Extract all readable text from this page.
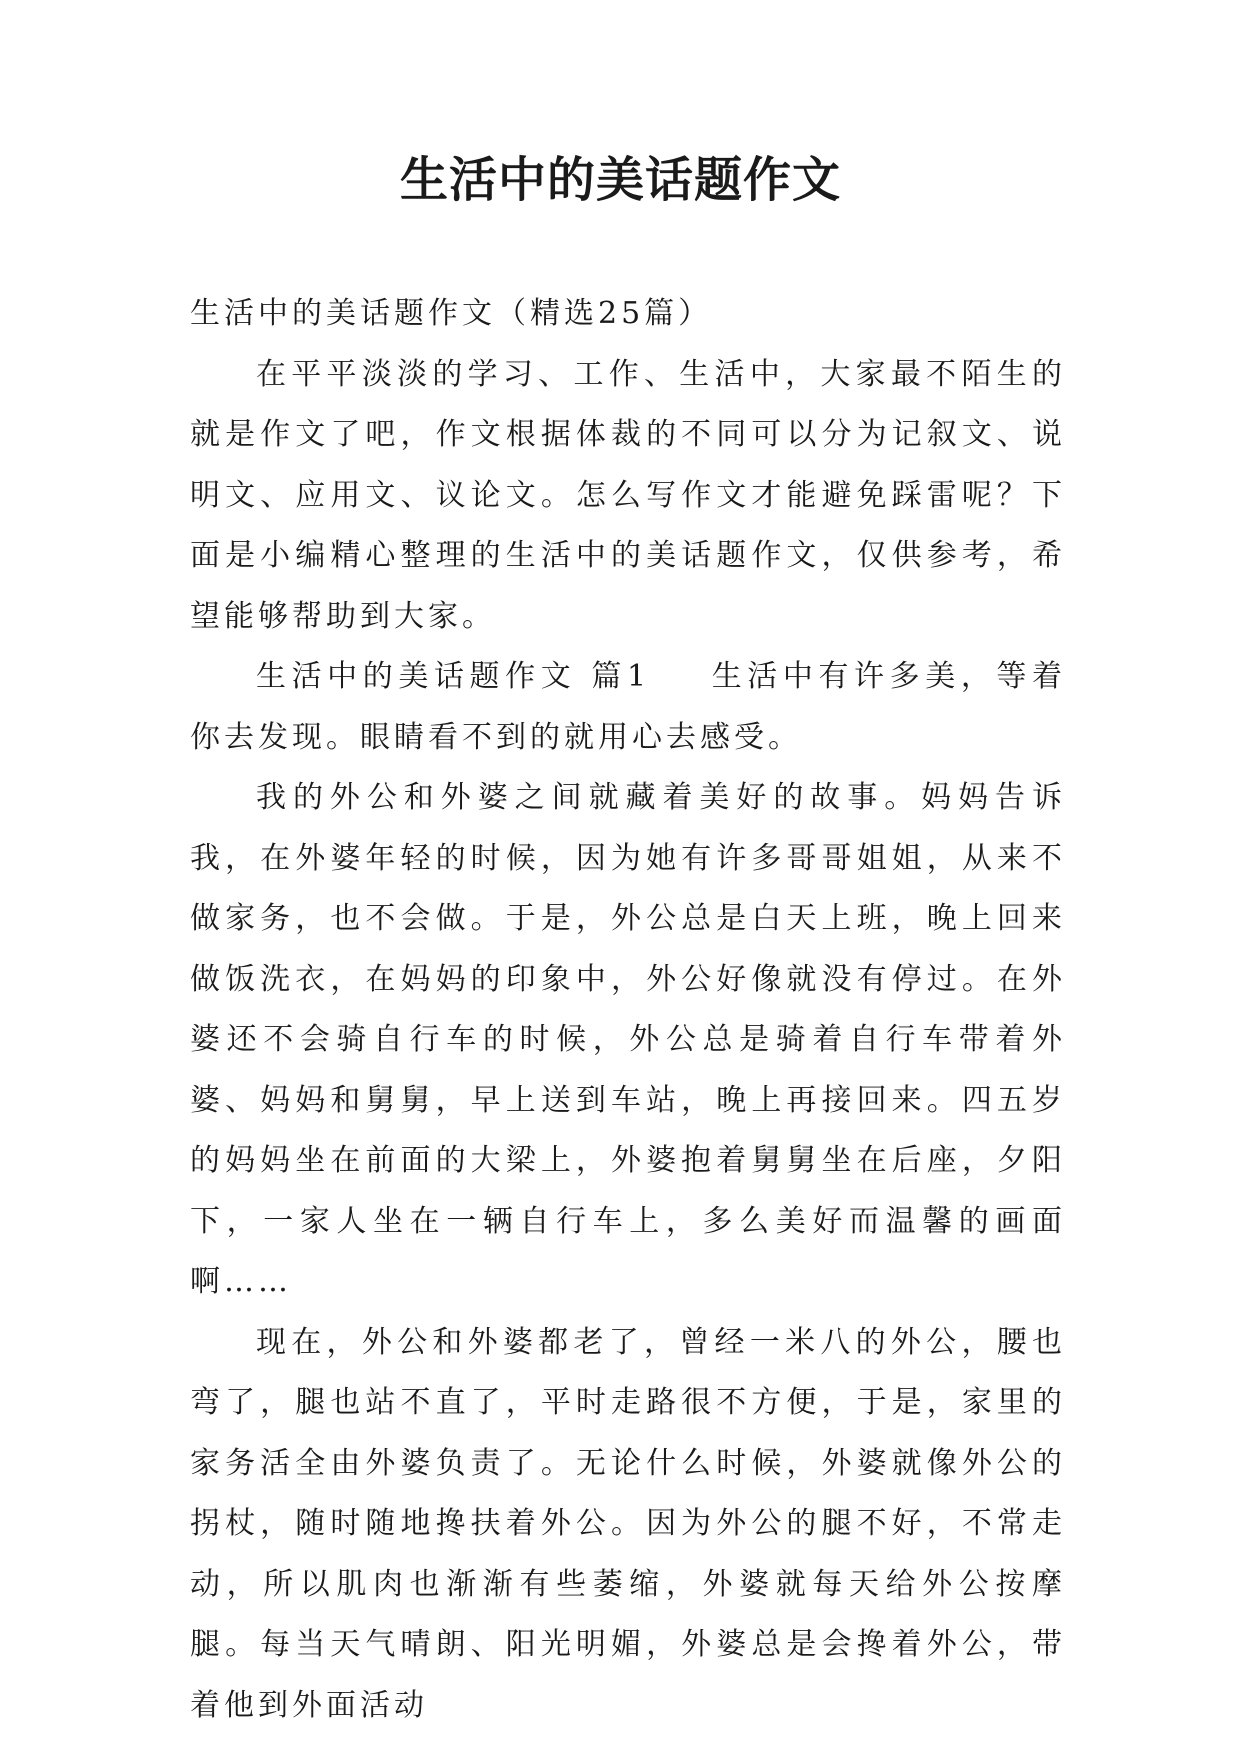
生活中的美话题作文

生活中的美话题作文（精选25篇）

在平平淡淡的学习、工作、生活中，大家最不陌生的就是作文了吧，作文根据体裁的不同可以分为记叙文、说明文、应用文、议论文。怎么写作文才能避免踩雷呢？下面是小编精心整理的生活中的美话题作文，仅供参考，希望能够帮助到大家。

生活中的美话题作文 篇1 生活中有许多美，等着你去发现。眼睛看不到的就用心去感受。

我的外公和外婆之间就藏着美好的故事。妈妈告诉我，在外婆年轻的时候，因为她有许多哥哥姐姐，从来不做家务，也不会做。于是，外公总是白天上班，晚上回来做饭洗衣，在妈妈的印象中，外公好像就没有停过。在外婆还不会骑自行车的时候，外公总是骑着自行车带着外婆、妈妈和舅舅，早上送到车站，晚上再接回来。四五岁的妈妈坐在前面的大梁上，外婆抱着舅舅坐在后座，夕阳下，一家人坐在一辆自行车上，多么美好而温馨的画面啊……

现在，外公和外婆都老了，曾经一米八的外公，腰也弯了，腿也站不直了，平时走路很不方便，于是，家里的家务活全由外婆负责了。无论什么时候，外婆就像外公的拐杖，随时随地搀扶着外公。因为外公的腿不好，不常走动，所以肌肉也渐渐有些萎缩，外婆就每天给外公按摩腿。每当天气晴朗、阳光明媚，外婆总是会搀着外公，带着他到外面活动
